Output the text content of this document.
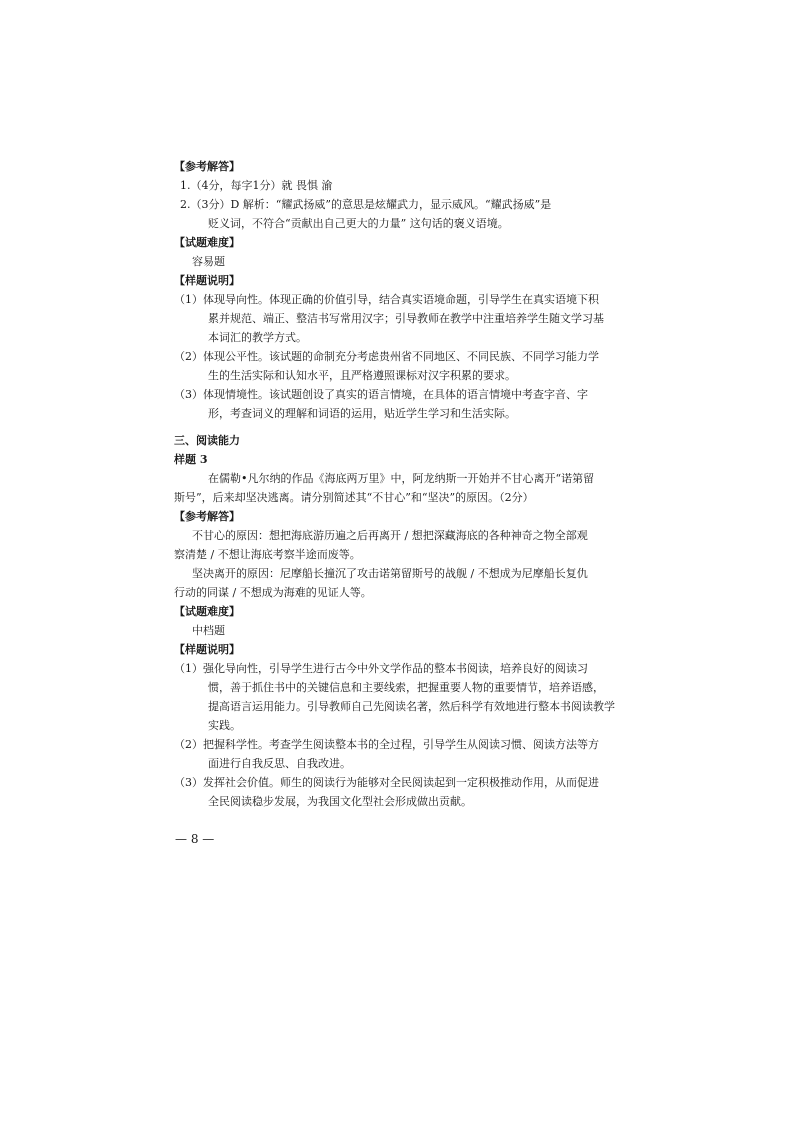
【参考解答】
1.（4分，每字1分）就 畏惧 渝
2.（3分）D 解析：“耀武扬威”的意思是炫耀武力，显示威风。“耀武扬威”是
贬义词，不符合“贡献出自己更大的力量” 这句话的褒义语境。
【试题难度】
容易题
【样题说明】
（1）体现导向性。体现正确的价值引导，结合真实语境命题，引导学生在真实语境下积
累并规范、端正、整洁书写常用汉字；引导教师在教学中注重培养学生随文学习基
本词汇的教学方式。
（2）体现公平性。该试题的命制充分考虑贵州省不同地区、不同民族、不同学习能力学
生的生活实际和认知水平，且严格遵照课标对汉字积累的要求。
（3）体现情境性。该试题创设了真实的语言情境，在具体的语言情境中考查字音、字
形，考查词义的理解和词语的运用，贴近学生学习和生活实际。
三、阅读能力
样题 3
在儒勒•凡尔纳的作品《海底两万里》中，阿龙纳斯一开始并不甘心离开“诺第留
斯号”，后来却坚决逃离。请分别简述其“不甘心”和“坚决”的原因。（2分）
【参考解答】
不甘心的原因：想把海底游历遍之后再离开 / 想把深藏海底的各种神奇之物全部观
察清楚 / 不想让海底考察半途而废等。
坚决离开的原因：尼摩船长撞沉了攻击诺第留斯号的战舰 / 不想成为尼摩船长复仇
行动的同谋 / 不想成为海难的见证人等。
【试题难度】
中档题
【样题说明】
（1）强化导向性，引导学生进行古今中外文学作品的整本书阅读，培养良好的阅读习
惯，善于抓住书中的关键信息和主要线索，把握重要人物的重要情节，培养语感，
提高语言运用能力。引导教师自己先阅读名著，然后科学有效地进行整本书阅读教学
实践。
（2）把握科学性。考查学生阅读整本书的全过程，引导学生从阅读习惯、阅读方法等方
面进行自我反思、自我改进。
（3）发挥社会价值。师生的阅读行为能够对全民阅读起到一定积极推动作用，从而促进
全民阅读稳步发展，为我国文化型社会形成做出贡献。
— 8 —
